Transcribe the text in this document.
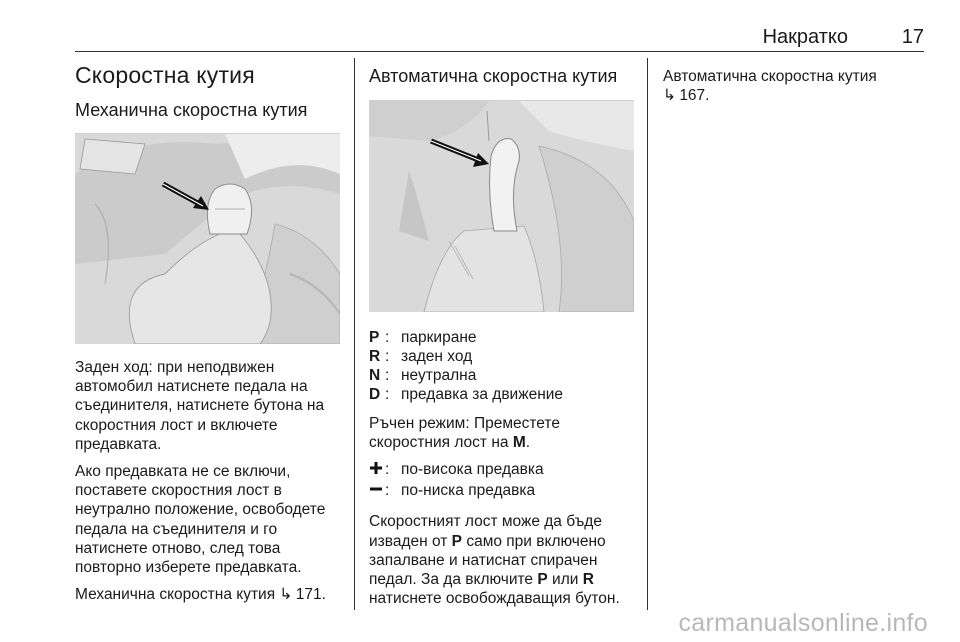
Накратко	17
Скоростна кутия
Механична скоростна кутия

Заден ход: при неподвижен автомобил натиснете педала на съединителя, натиснете бутона на скоростния лост и включете предавката.

Ако предавката не се включи, поставете скоростния лост в неутрално положение, освободете педала на съединителя и го натиснете отново, след това повторно изберете предавката.

Механична скоростна кутия ↳ 171.

Автоматична скоростна кутия
P : паркиране
R : заден ход
N : неутрална
D : предавка за движение

Ръчен режим: Преместете скоростния лост на M.

: по-висока предавка
: по-ниска предавка

Скоростният лост може да бъде изваден от P само при включено запалване и натиснат спирачен педал. За да включите P или R натиснете освобождаващия бутон.

Автоматична скоростна кутия
↳ 167.

carmanualsonline.info
